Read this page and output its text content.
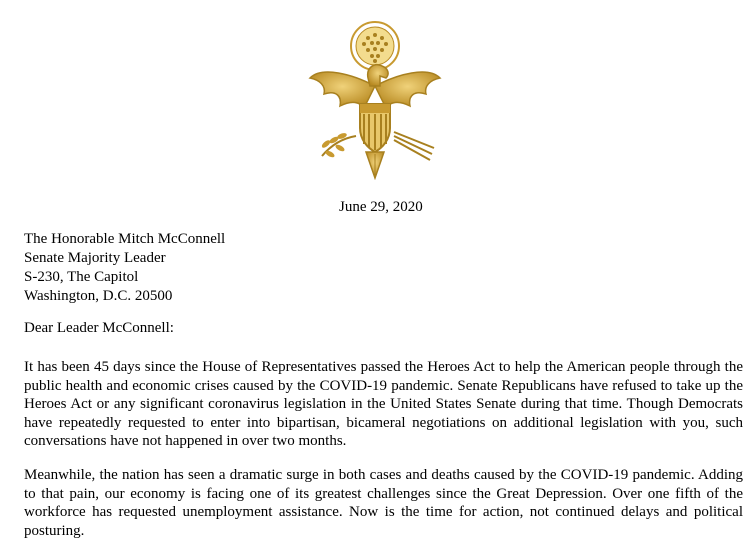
June 29, 2020
The Honorable Mitch McConnell
Senate Majority Leader
S-230, The Capitol
Washington, D.C. 20500
Dear Leader McConnell:

It has been 45 days since the House of Representatives passed the Heroes Act to help the American people through the public health and economic crises caused by the COVID-19 pandemic. Senate Republicans have refused to take up the Heroes Act or any significant coronavirus legislation in the United States Senate during that time. Though Democrats have repeatedly requested to enter into bipartisan, bicameral negotiations on additional legislation with you, such conversations have not happened in over two months.

Meanwhile, the nation has seen a dramatic surge in both cases and deaths caused by the COVID-19 pandemic. Adding to that pain, our economy is facing one of its greatest challenges since the Great Depression. Over one fifth of the workforce has requested unemployment assistance. Now is the time for action, not continued delays and political posturing.
